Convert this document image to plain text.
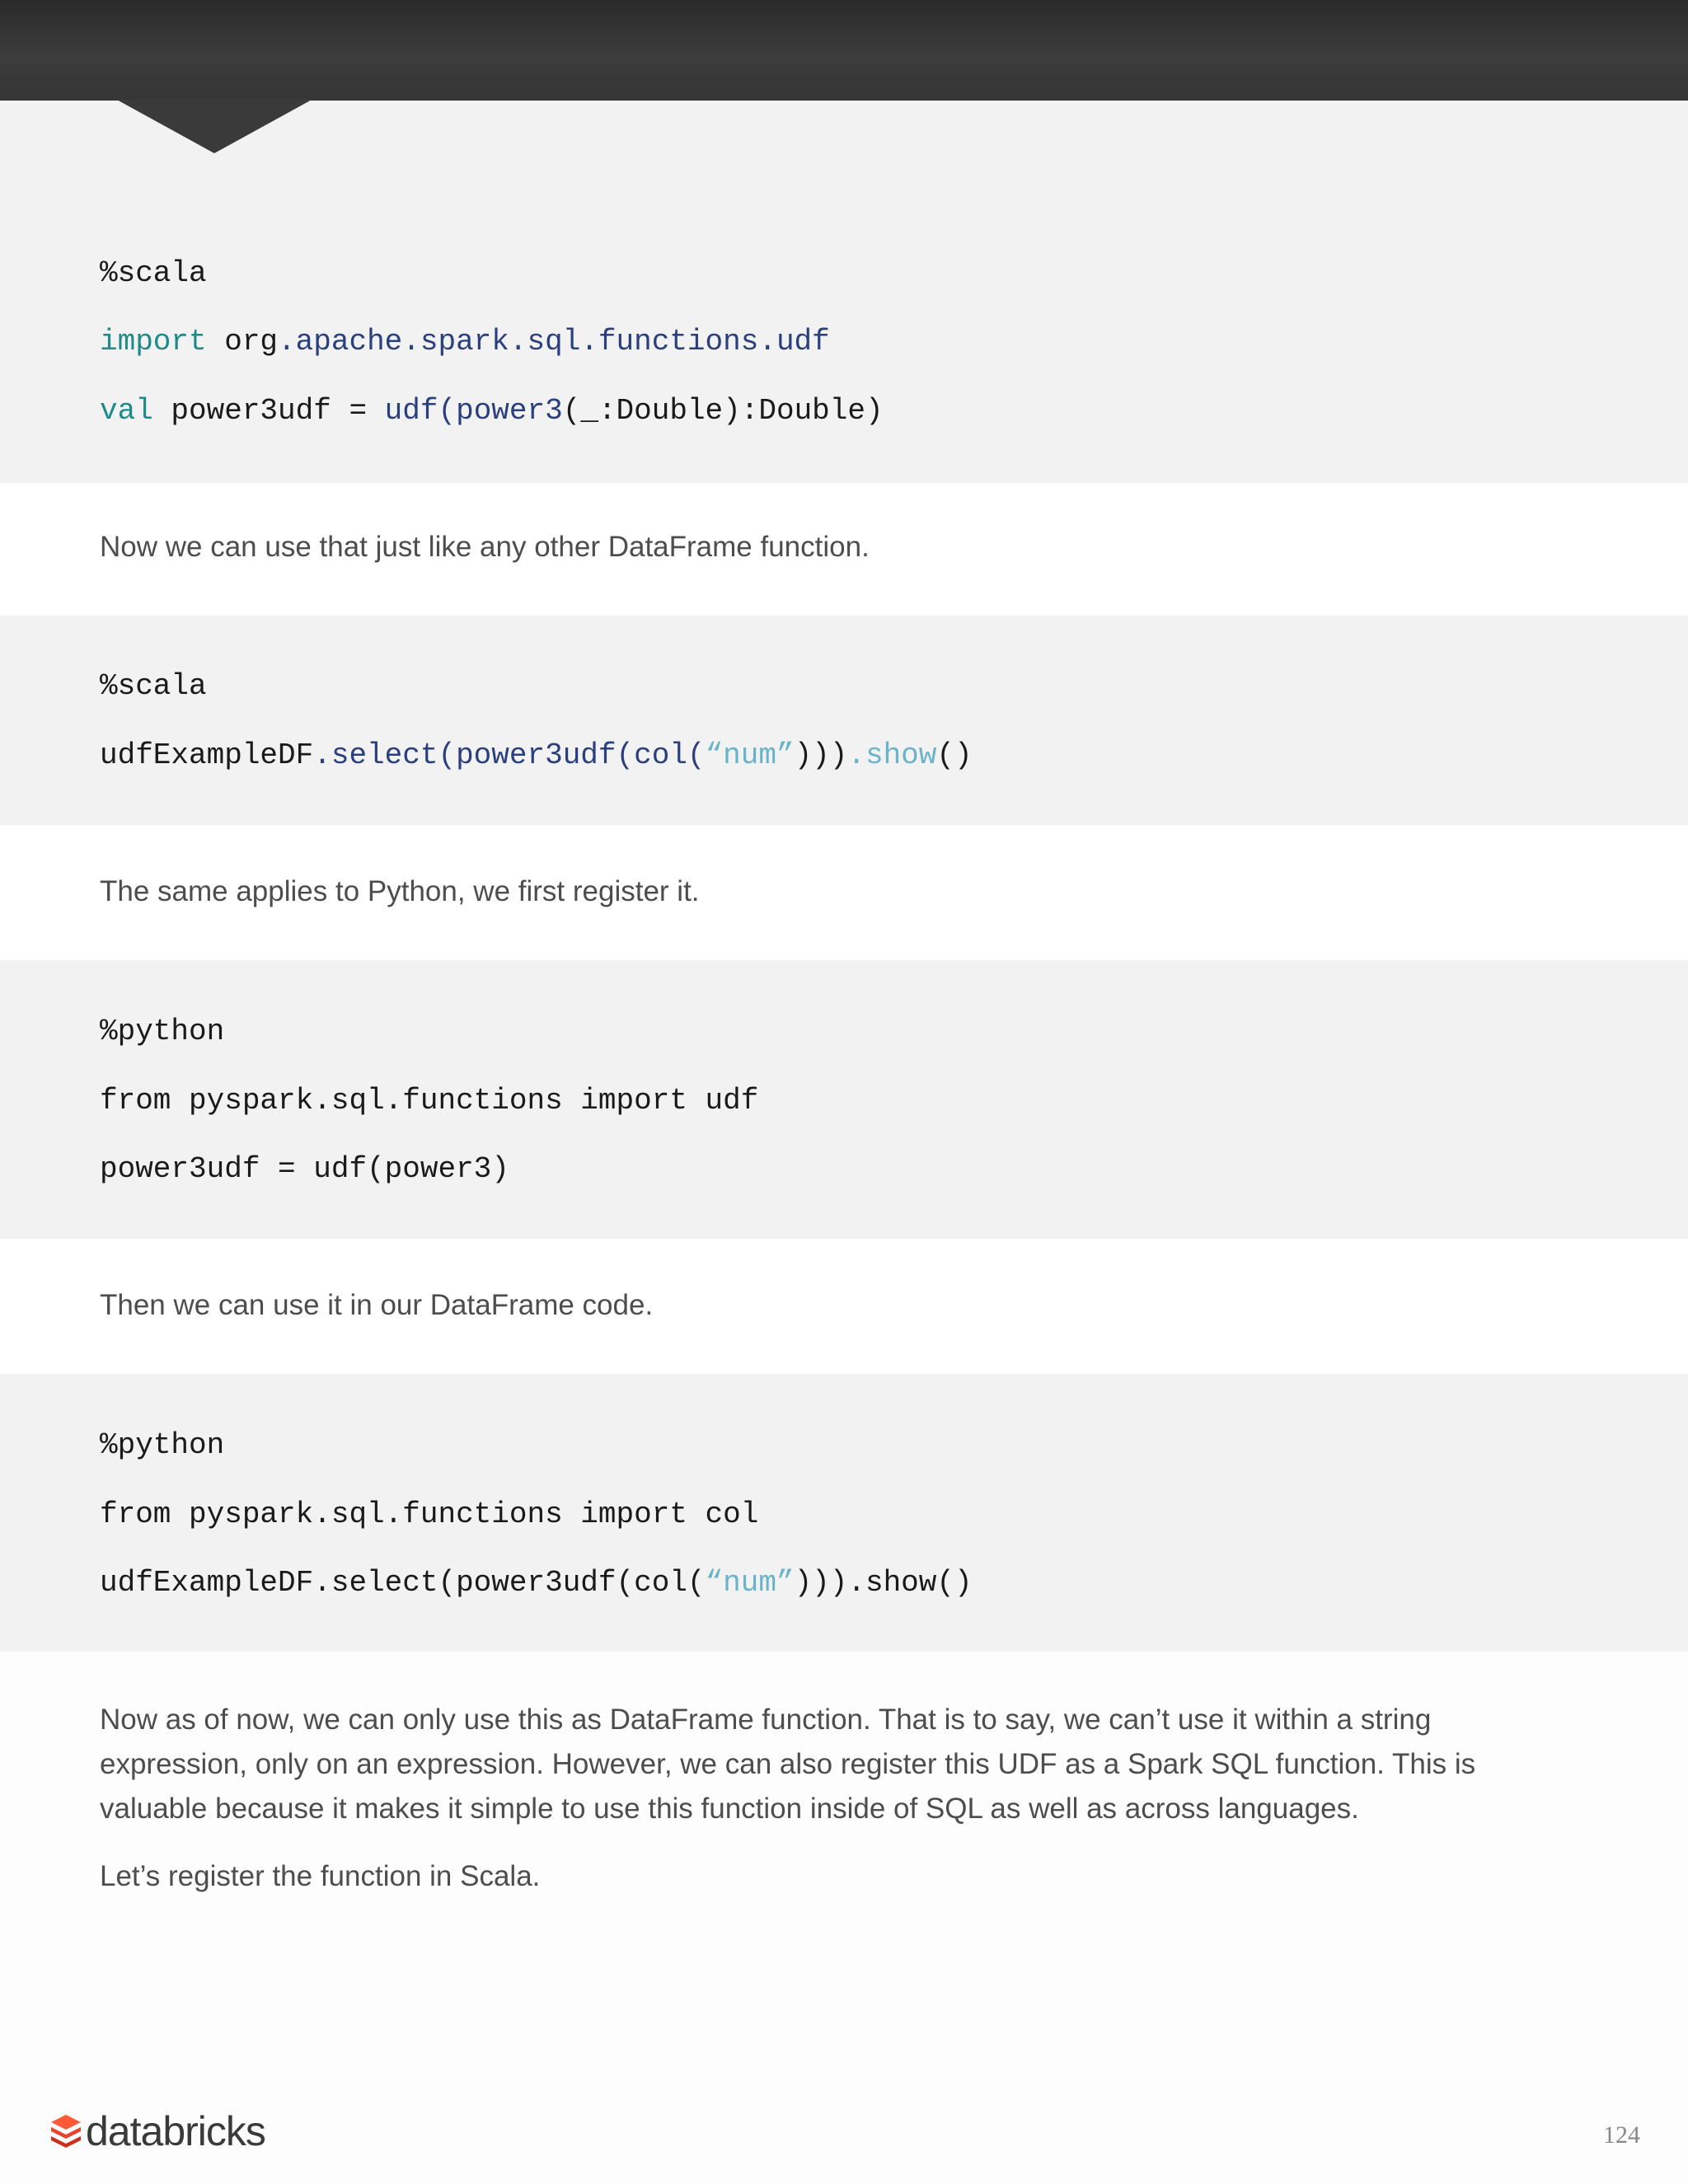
%scala
import org.apache.spark.sql.functions.udf
val power3udf = udf(power3(_:Double):Double)

Now we can use that just like any other DataFrame function.

%scala
udfExampleDF.select(power3udf(col(“num”))).show()

The same applies to Python, we first register it.

%python
from pyspark.sql.functions import udf
power3udf = udf(power3)

Then we can use it in our DataFrame code.

%python
from pyspark.sql.functions import col
udfExampleDF.select(power3udf(col(“num”))).show()

Now as of now, we can only use this as DataFrame function. That is to say, we can’t use it within a string expression, only on an expression. However, we can also register this UDF as a Spark SQL function. This is valuable because it makes it simple to use this function inside of SQL as well as across languages.

Let’s register the function in Scala.

databricks	124
